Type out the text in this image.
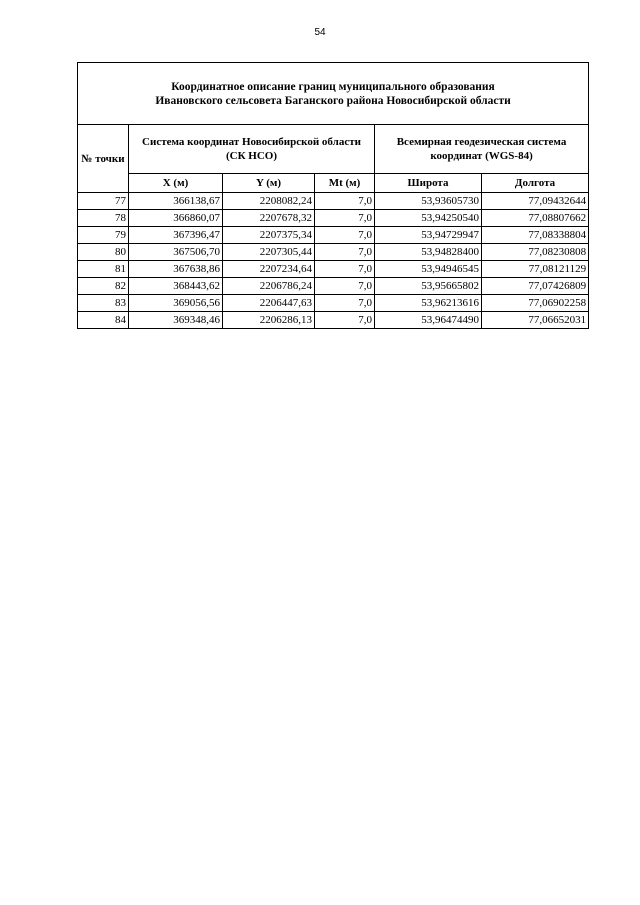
54
Координатное описание границ муниципального образования
Ивановского сельсовета Баганского района Новосибирской области					

№ точки	Система координат Новосибирской области (СК НСО)			Всемирная геодезическая система координат (WGS-84)	
	X (м)	Y (м)	Mt (м)	Широта	Долгота
77	366138,67	2208082,24	7,0	53,93605730	77,09432644
78	366860,07	2207678,32	7,0	53,94250540	77,08807662
79	367396,47	2207375,34	7,0	53,94729947	77,08338804
80	367506,70	2207305,44	7,0	53,94828400	77,08230808
81	367638,86	2207234,64	7,0	53,94946545	77,08121129
82	368443,62	2206786,24	7,0	53,95665802	77,07426809
83	369056,56	2206447,63	7,0	53,96213616	77,06902258
84	369348,46	2206286,13	7,0	53,96474490	77,06652031
